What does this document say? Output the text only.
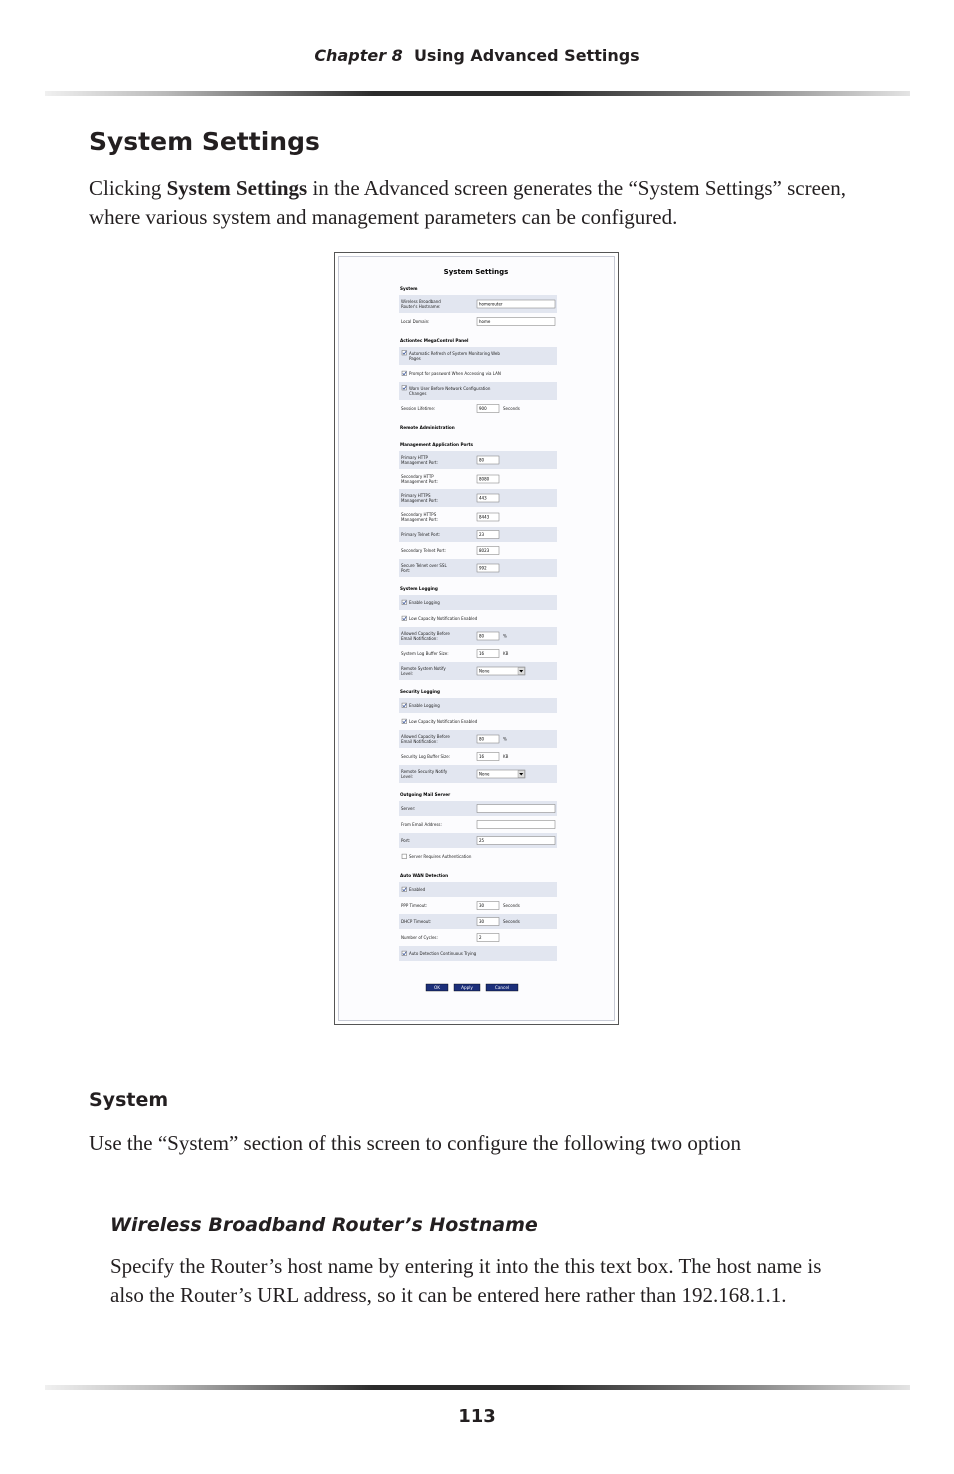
Chapter 8 Using Advanced Settings
System Settings

Clicking System Settings in the Advanced screen generates the “System Settings” screen, where various system and management parameters can be configured.

System Settings
System
Wireless Broadband
Router's Hostname:	homerouter
Local Domain:	home
Actiontec MegaControl Panel
Automatic Refresh of System Monitoring Web
Pages
Prompt for password When Accessing via LAN
Warn User Before Network Configuration
Changes
Session Lifetime:	900	Seconds
Remote Administration
Management Application Ports
Primary HTTP
Management Port:	80
Secondary HTTP
Management Port:	8080
Primary HTTPS
Management Port:	443
Secondary HTTPS
Management Port:	8443
Primary Telnet Port:	23
Secondary Telnet Port:	8023
Secure Telnet over SSL
Port:	992
System Logging
Enable Logging
Low Capacity Notification Enabled
Allowed Capacity Before
Email Notification:	80	%
System Log Buffer Size:	16	KB
Remote System Notify
Level:	None
Security Logging
Enable Logging
Low Capacity Notification Enabled
Allowed Capacity Before
Email Notification:	80	%
Security Log Buffer Size:	16	KB
Remote Security Notify
Level:	None
Outgoing Mail Server
Server:
From Email Address:
Port:	25
Server Requires Authentication
Auto WAN Detection
Enabled
PPP Timeout:	30	Seconds
DHCP Timeout:	30	Seconds
Number of Cycles:	2
Auto Detection Continuous Trying
OK	Apply	Cancel
System

Use the “System” section of this screen to configure the following two option

Wireless Broadband Router’s Hostname

Specify the Router’s host name by entering it into the this text box. The host name is also the Router’s URL address, so it can be entered here rather than 192.168.1.1.

113
